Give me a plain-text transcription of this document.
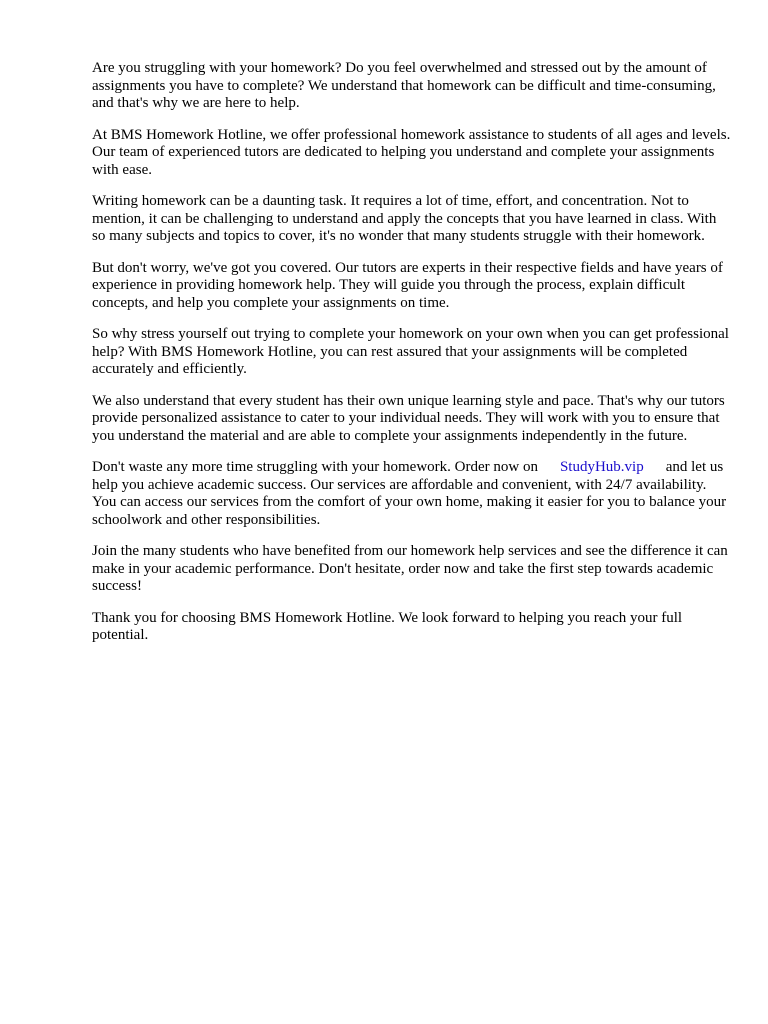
Are you struggling with your homework? Do you feel overwhelmed and stressed out by the amount of assignments you have to complete? We understand that homework can be difficult and time-consuming, and that's why we are here to help.

At BMS Homework Hotline, we offer professional homework assistance to students of all ages and levels. Our team of experienced tutors are dedicated to helping you understand and complete your assignments with ease.

Writing homework can be a daunting task. It requires a lot of time, effort, and concentration. Not to mention, it can be challenging to understand and apply the concepts that you have learned in class. With so many subjects and topics to cover, it's no wonder that many students struggle with their homework.

But don't worry, we've got you covered. Our tutors are experts in their respective fields and have years of experience in providing homework help. They will guide you through the process, explain difficult concepts, and help you complete your assignments on time.

So why stress yourself out trying to complete your homework on your own when you can get professional help? With BMS Homework Hotline, you can rest assured that your assignments will be completed accurately and efficiently.

We also understand that every student has their own unique learning style and pace. That's why our tutors provide personalized assistance to cater to your individual needs. They will work with you to ensure that you understand the material and are able to complete your assignments independently in the future.

Don't waste any more time struggling with your homework. Order now on StudyHub.vip and let us help you achieve academic success. Our services are affordable and convenient, with 24/7 availability. You can access our services from the comfort of your own home, making it easier for you to balance your schoolwork and other responsibilities.

Join the many students who have benefited from our homework help services and see the difference it can make in your academic performance. Don't hesitate, order now and take the first step towards academic success!

Thank you for choosing BMS Homework Hotline. We look forward to helping you reach your full potential.
